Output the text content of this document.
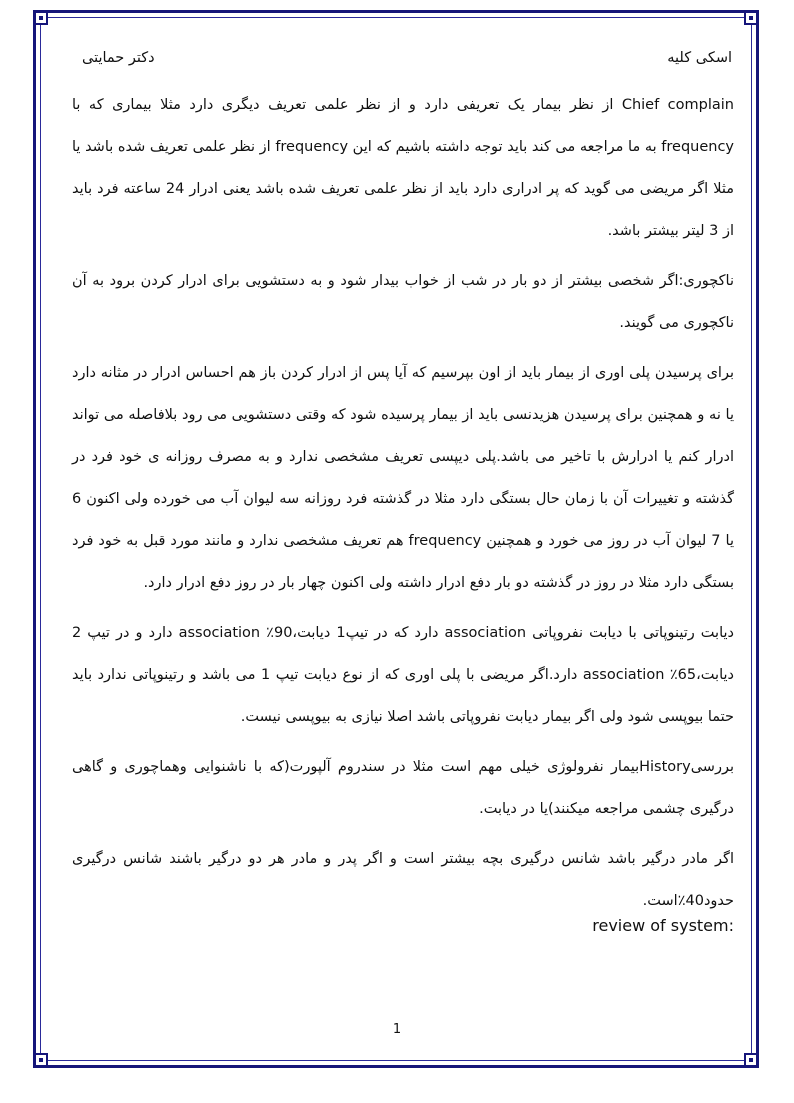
اسکی کلیه
دکتر حمایتی

Chief complain از نظر بیمار یک تعریفی دارد و از نظر علمی تعریف دیگری دارد مثلا بیماری که با frequency به ما مراجعه می کند باید توجه داشته باشیم که این frequency از نظر علمی تعریف شده باشد یا مثلا اگر مریضی می گوید که پر ادراری دارد باید از نظر علمی تعریف شده باشد یعنی ادرار 24 ساعته فرد باید از 3 لیتر بیشتر باشد.

ناکچوری:اگر شخصی بیشتر از دو بار در شب از خواب بیدار شود و به دستشویی برای ادرار کردن برود به آن ناکچوری می گویند.

برای پرسیدن پلی اوری از بیمار باید از اون بپرسیم که آیا پس از ادرار کردن باز هم احساس ادرار در مثانه دارد یا نه و همچنین برای پرسیدن هزیدنسی باید از بیمار پرسیده شود که وقتی دستشویی می رود بلافاصله می تواند ادرار کنم یا ادرارش با تاخیر می باشد.پلی دیپسی تعریف مشخصی ندارد و به مصرف روزانه ی خود فرد در گذشته و تغییرات آن با زمان حال بستگی دارد مثلا در گذشته فرد روزانه سه لیوان آب می خورده ولی اکنون 6 یا 7 لیوان آب در روز می خورد و همچنین frequency هم تعریف مشخصی ندارد و مانند مورد قبل به خود فرد بستگی دارد مثلا در روز در گذشته دو بار دفع ادرار داشته ولی اکنون چهار بار در روز دفع ادرار دارد.

دیابت رتینوپاتی با دیابت نفروپاتی association دارد که در تیپ1 دیابت،90٪ association دارد و در تیپ 2 دیابت،65٪ association دارد.اگر مریضی با پلی اوری که از نوع دیابت تیپ 1 می باشد و رتینوپاتی ندارد باید حتما بیوپسی شود ولی اگر بیمار دیابت نفروپاتی باشد اصلا نیازی به بیوپسی نیست.

بررسیHistoryبیمار نفرولوژی خیلی مهم است مثلا در سندروم آلپورت(که با ناشنوایی وهماچوری و گاهی درگیری چشمی مراجعه میکنند)یا در دیابت.

اگر مادر درگیر باشد شانس درگیری بچه بیشتر است و اگر پدر و مادر هر دو درگیر باشند شانس درگیری حدود40٪است.

:review of system
1
